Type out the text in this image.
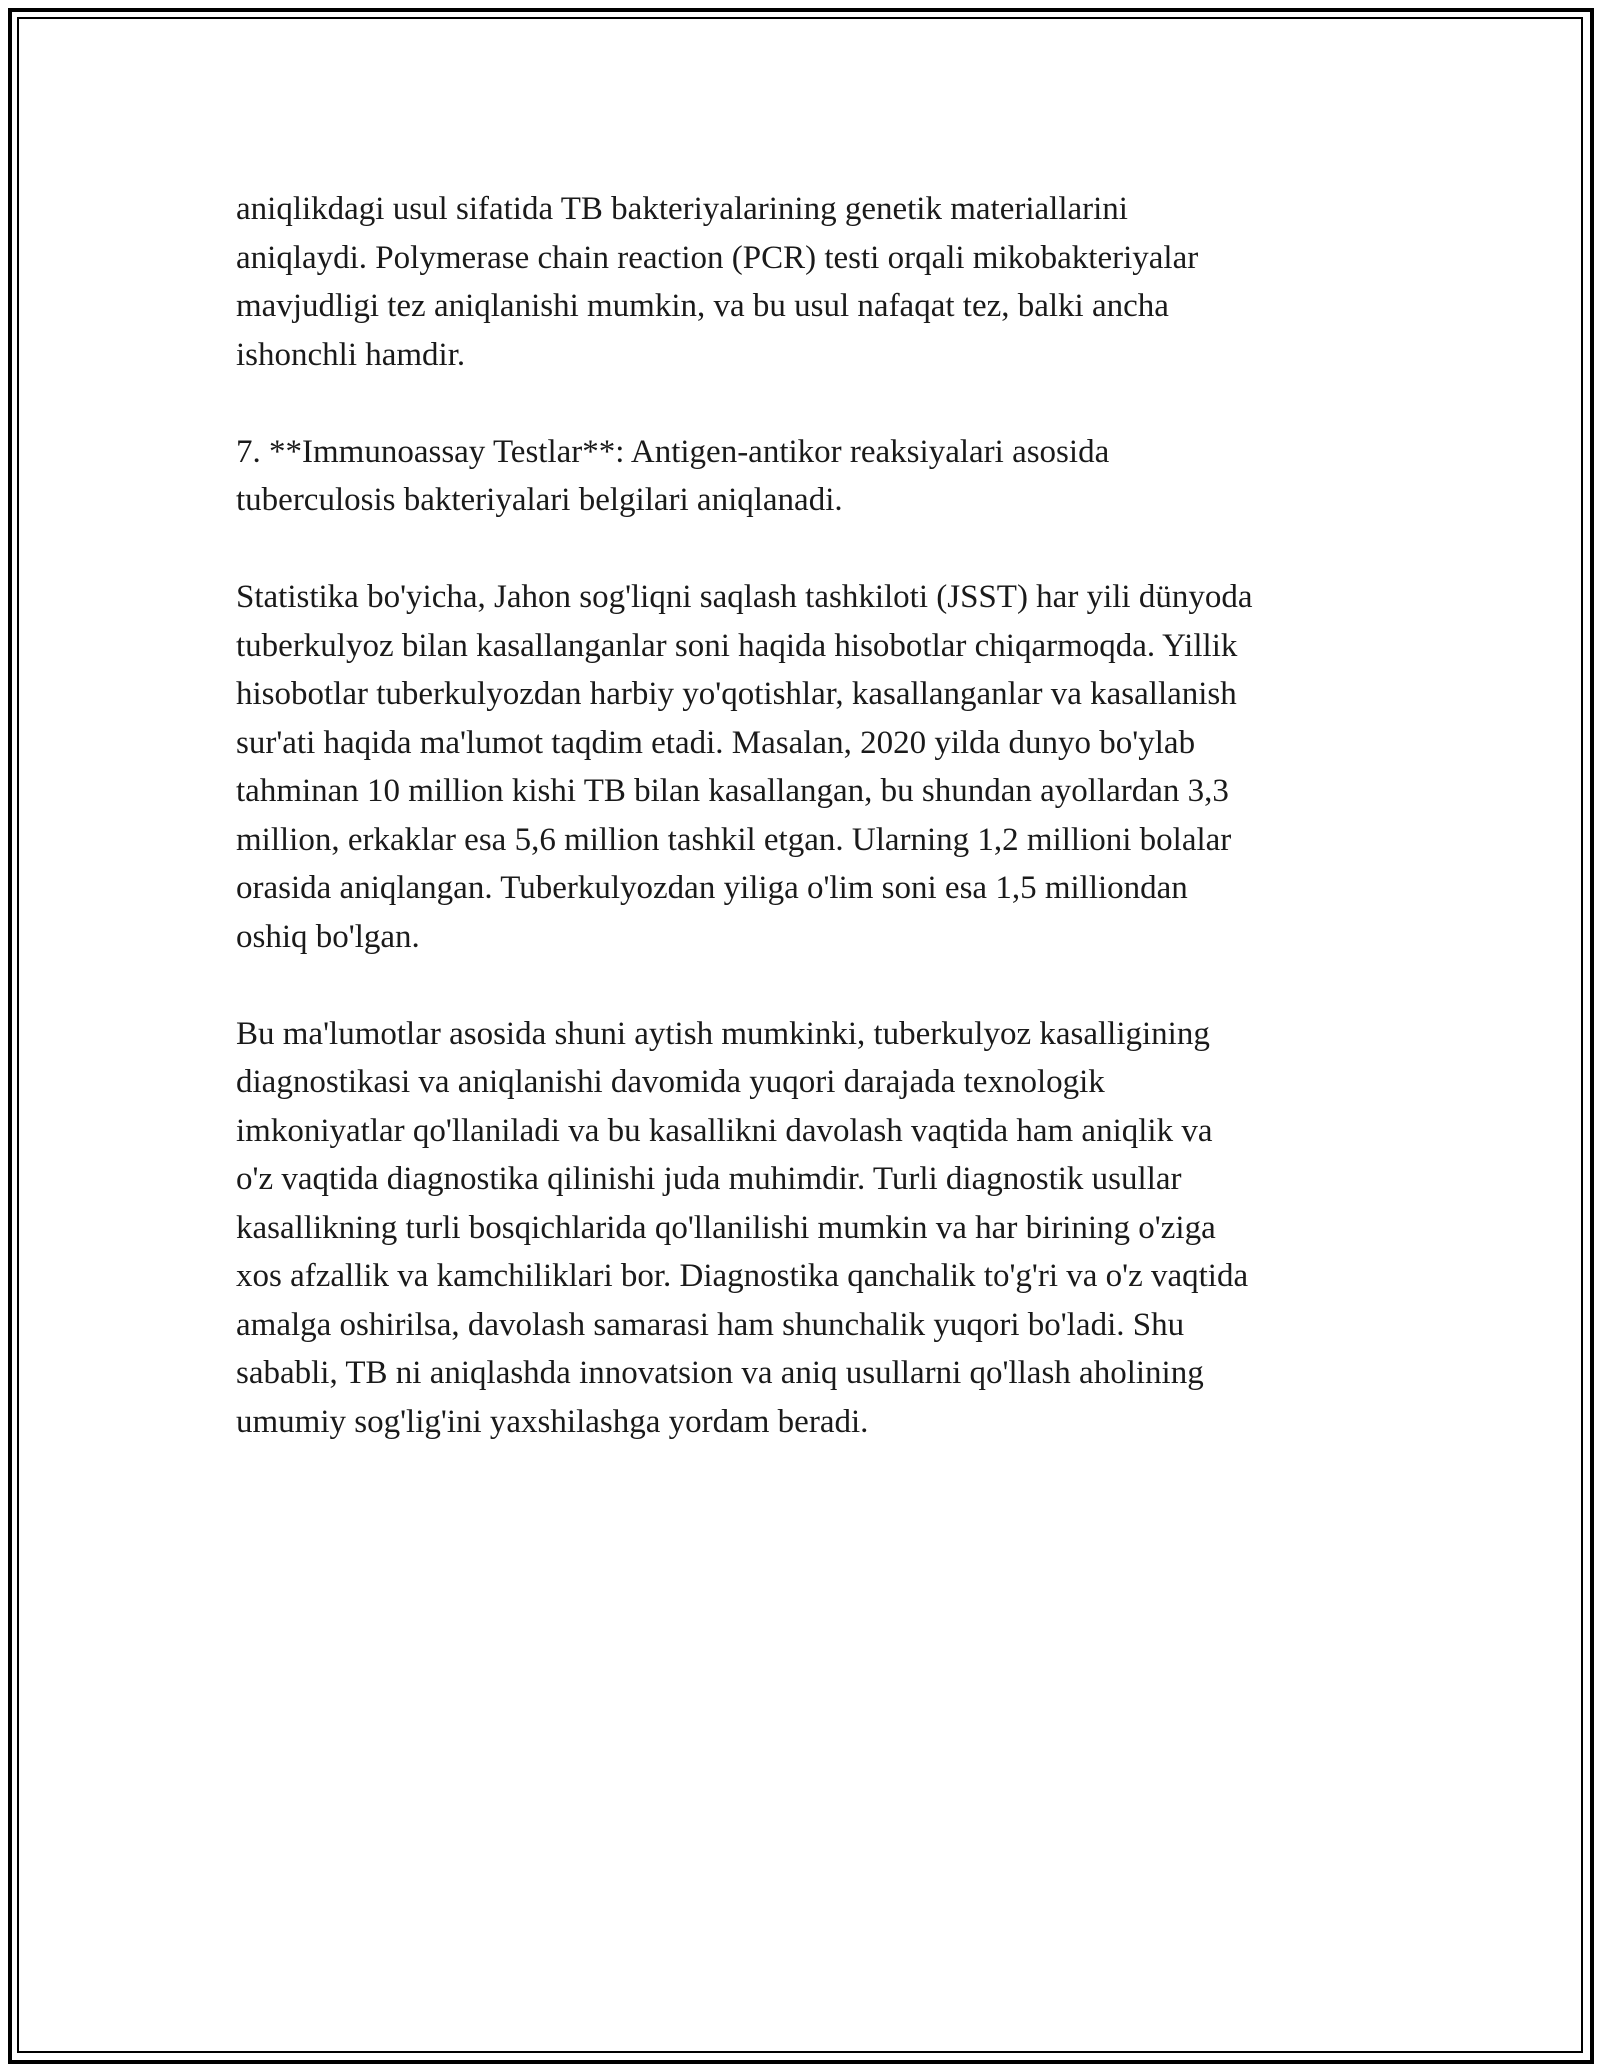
aniqlikdagi usul sifatida TB bakteriyalarining genetik materiallarini
aniqlaydi. Polymerase chain reaction (PCR) testi orqali mikobakteriyalar
mavjudligi tez aniqlanishi mumkin, va bu usul nafaqat tez, balki ancha
ishonchli hamdir.

7. **Immunoassay Testlar**: Antigen-antikor reaksiyalari asosida
tuberculosis bakteriyalari belgilari aniqlanadi.

Statistika bo'yicha, Jahon sog'liqni saqlash tashkiloti (JSST) har yili dünyoda
tuberkulyoz bilan kasallanganlar soni haqida hisobotlar chiqarmoqda. Yillik
hisobotlar tuberkulyozdan harbiy yo'qotishlar, kasallanganlar va kasallanish
sur'ati haqida ma'lumot taqdim etadi. Masalan, 2020 yilda dunyo bo'ylab
tahminan 10 million kishi TB bilan kasallangan, bu shundan ayollardan 3,3
million, erkaklar esa 5,6 million tashkil etgan. Ularning 1,2 millioni bolalar
orasida aniqlangan. Tuberkulyozdan yiliga o'lim soni esa 1,5 milliondan
oshiq bo'lgan.

Bu ma'lumotlar asosida shuni aytish mumkinki, tuberkulyoz kasalligining
diagnostikasi va aniqlanishi davomida yuqori darajada texnologik
imkoniyatlar qo'llaniladi va bu kasallikni davolash vaqtida ham aniqlik va
o'z vaqtida diagnostika qilinishi juda muhimdir. Turli diagnostik usullar
kasallikning turli bosqichlarida qo'llanilishi mumkin va har birining o'ziga
xos afzallik va kamchiliklari bor. Diagnostika qanchalik to'g'ri va o'z vaqtida
amalga oshirilsa, davolash samarasi ham shunchalik yuqori bo'ladi. Shu
sababli, TB ni aniqlashda innovatsion va aniq usullarni qo'llash aholining
umumiy sog'lig'ini yaxshilashga yordam beradi.
